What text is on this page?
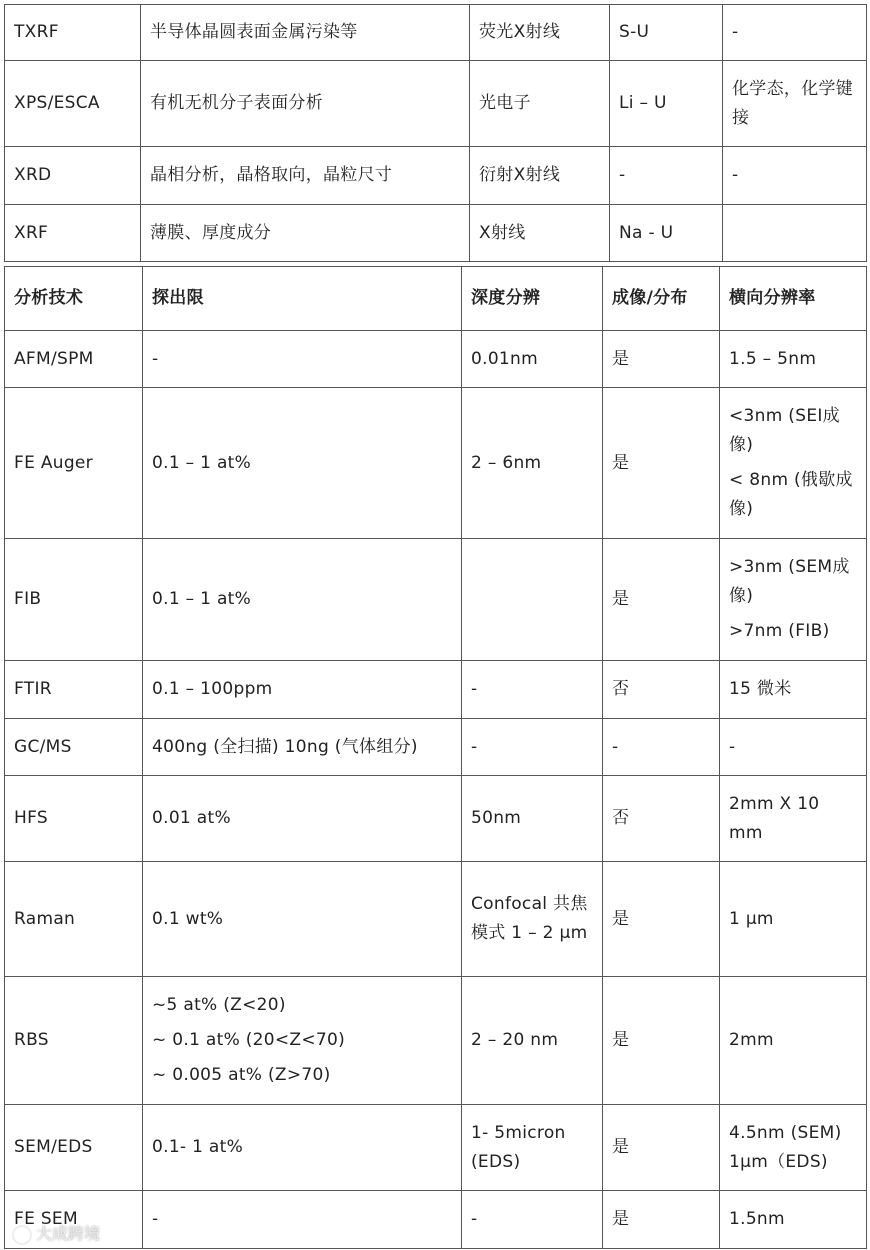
TXRF	半导体晶圆表面金属污染等	荧光X射线	S-U	-
XPS/ESCA	有机无机分子表面分析	光电子	Li – U	化学态，化学键接
XRD	晶相分析，晶格取向，晶粒尺寸	衍射X射线	-	-
XRF	薄膜、厚度成分	X射线	Na - U	
分析技术	探出限	深度分辨	成像/分布	横向分辨率
AFM/SPM	-	0.01nm	是	1.5 – 5nm

FE Auger	0.1 – 1 at%	2 – 6nm	是	<3nm (SEI成像)
< 8nm (俄歇成像)

FIB	0.1 – 1 at%		是	>3nm (SEM成像)
>7nm (FIB)

FTIR	0.1 – 100ppm	-	否	15 微米

GC/MS	400ng (全扫描) 10ng (气体组分)	-	-	-

HFS	0.01 at%	50nm	否	2mm X 10 mm

Raman	0.1 wt%	Confocal 共焦模式 1 – 2 µm	是	1 µm

RBS	~5 at% (Z<20)
~ 0.1 at% (20<Z<70)
~ 0.005 at% (Z>70)	2 – 20 nm	是	2mm

SEM/EDS	0.1- 1 at%	1- 5micron (EDS)	是	4.5nm (SEM) 1µm（EDS)

FE SEM	-	-	是	1.5nm
大成跨境
